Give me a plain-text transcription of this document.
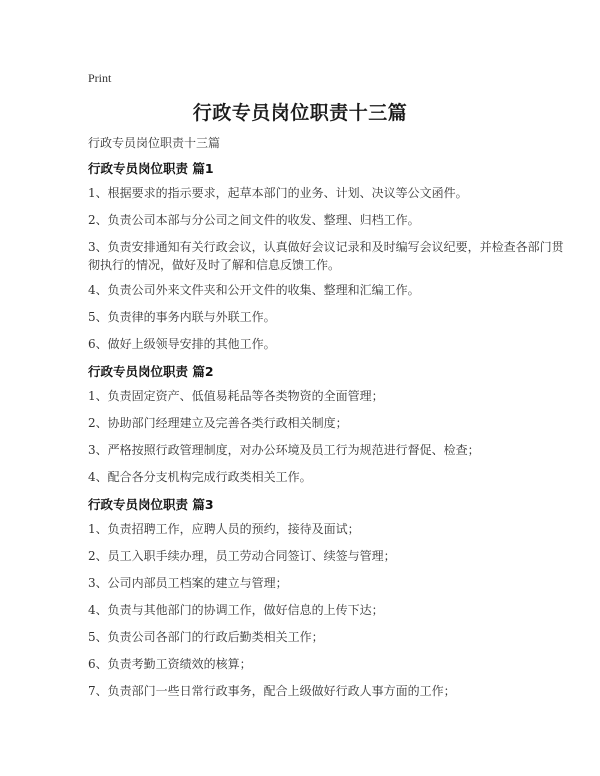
Print
行政专员岗位职责十三篇
行政专员岗位职责十三篇

行政专员岗位职责 篇1

1、根据要求的指示要求，起草本部门的业务、计划、决议等公文函件。

2、负责公司本部与分公司之间文件的收发、整理、归档工作。

3、负责安排通知有关行政会议，认真做好会议记录和及时编写会议纪要，并检查各部门贯彻执行的情况，做好及时了解和信息反馈工作。

4、负责公司外来文件夹和公开文件的收集、整理和汇编工作。

5、负责律的事务内联与外联工作。

6、做好上级领导安排的其他工作。

行政专员岗位职责 篇2

1、负责固定资产、低值易耗品等各类物资的全面管理；

2、协助部门经理建立及完善各类行政相关制度；

3、严格按照行政管理制度，对办公环境及员工行为规范进行督促、检查；

4、配合各分支机构完成行政类相关工作。

行政专员岗位职责 篇3

1、负责招聘工作，应聘人员的预约，接待及面试；

2、员工入职手续办理，员工劳动合同签订、续签与管理；

3、公司内部员工档案的建立与管理；

4、负责与其他部门的协调工作，做好信息的上传下达；

5、负责公司各部门的行政后勤类相关工作；

6、负责考勤工资绩效的核算；

7、负责部门一些日常行政事务，配合上级做好行政人事方面的工作；
